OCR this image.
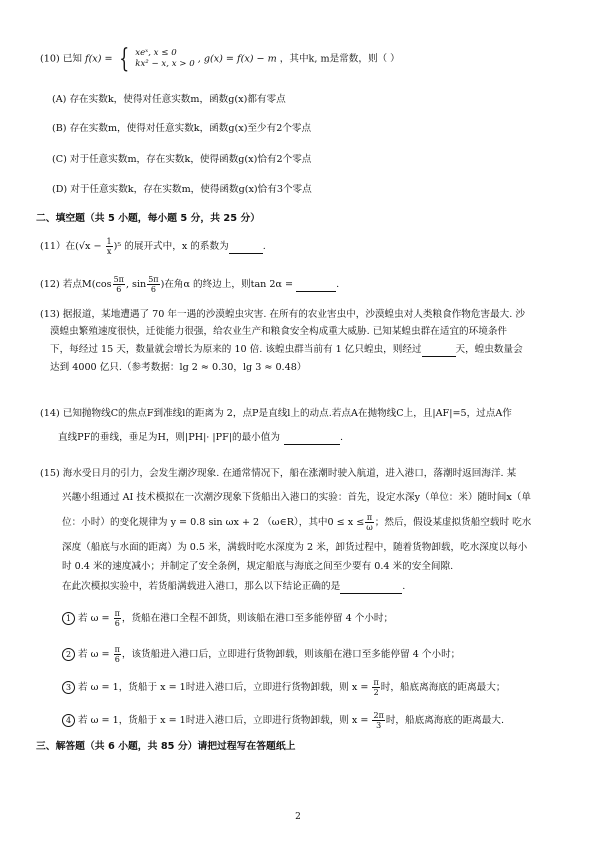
(10) 已知 f(x) = { xeˣ, x ≤ 0
kx² − x, x > 0 , g(x) = f(x) − m ，其中k, m是常数，则（ ）
(A) 存在实数k，使得对任意实数m，函数g(x)都有零点
(B) 存在实数m，使得对任意实数k，函数g(x)至少有2个零点
(C) 对于任意实数m，存在实数k，使得函数g(x)恰有2个零点
(D) 对于任意实数k，存在实数m，使得函数g(x)恰有3个零点
二、填空题（共 5 小题，每小题 5 分，共 25 分）
(11）在$(√x - \frac{1}{x} )^5$ 的展开式中，x 的系数为	.
(12) 若点$M(\cos \frac{5\pi}{6}$ , $\sin \frac{5\pi}{6}$ )在角α 的终边上，则tan 2α =	.
(13) 据报道，某地遭遇了 70 年一遇的沙漠蝗虫灾害. 在所有的农业害虫中，沙漠蝗虫对人类粮食作物危害最大. 沙
漠蝗虫繁殖速度很快，迁徙能力很强，给农业生产和粮食安全构成重大威胁. 已知某蝗虫群在适宜的环境条件
下，每经过 15 天，数量就会增长为原来的 10 倍. 该蝗虫群当前有 1 亿只蝗虫，则经过	天，蝗虫数量会
达到 4000 亿只.（参考数据：lg 2 ≈ 0.30，lg 3 ≈ 0.48）
(14) 已知抛物线C的焦点F到准线l的距离为 2，点P是直线l上的动点.若点A在抛物线C上，且|AF|=5，过点A作
直线PF的垂线，垂足为H，则|PH|· |PF|的最小值为	.
(15) 海水受日月的引力，会发生潮汐现象. 在通常情况下，船在涨潮时驶入航道，进入港口，落潮时返回海洋. 某
兴趣小组通过 AI 技术模拟在一次潮汐现象下货船出入港口的实验：首先，设定水深y（单位：米）随时间x（单
位：小时）的变化规律为 y = 0.8 sin ωx + 2 （ω∈R），其中$0 \le x \le \frac{\pi}{\omega}$ ；然后，假设某虚拟货船空载时 吃水
深度（船底与水面的距离）为 0.5 米，满载时吃水深度为 2 米，卸货过程中，随着货物卸载，吃水深度以每小
时 0.4 米的速度减小；并制定了安全条例，规定船底与海底之间至少要有 0.4 米的安全间隙.
在此次模拟实验中，若货船满载进入港口，那么以下结论正确的是	.
1 若 $\omega = \frac{\pi}{6}$ ，货船在港口全程不卸货，则该船在港口至多能停留 4 个小时；
2 若 $\omega = \frac{\pi}{6}$ ，该货船进入港口后，立即进行货物卸载，则该船在港口至多能停留 4 个小时；
3 若 ω = 1，货船于 x = 1时进入港口后，立即进行货物卸载，则 $x = \frac{\pi}{2}$ 时，船底离海底的距离最大；
4 若 ω = 1，货船于 x = 1时进入港口后，立即进行货物卸载，则 $x = \frac{2\pi}{3}$ 时，船底离海底的距离最大.
三、解答题（共 6 小题，共 85 分）请把过程写在答题纸上
2
